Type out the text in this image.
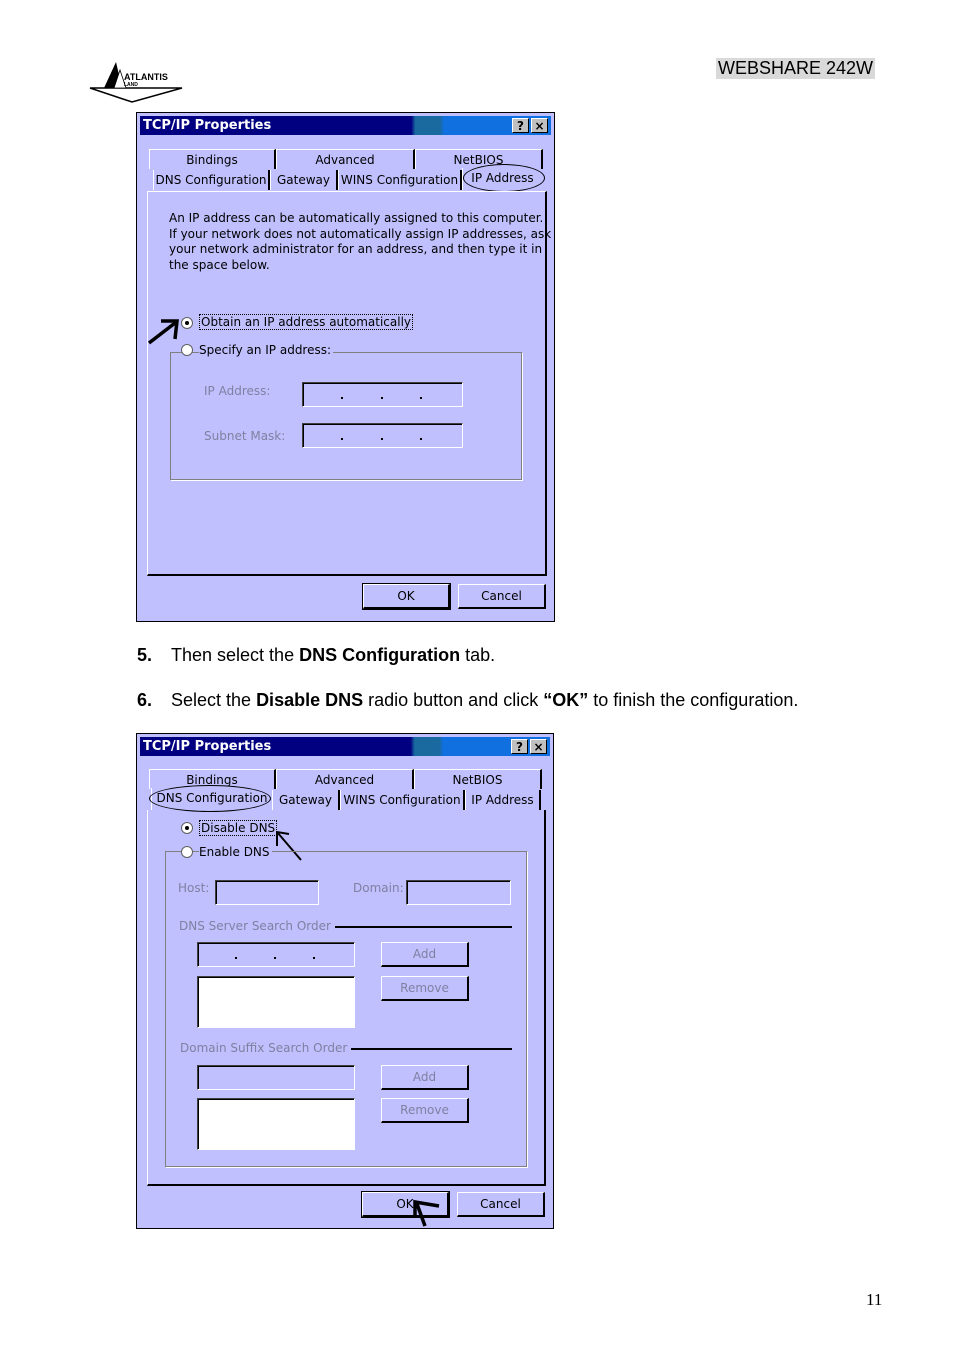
ATLANTIS
LAND
WEBSHARE 242W
TCP/IP Properties	? ×
Bindings	Advanced	NetBIOS
DNS Configuration Gateway WINS Configuration	IP Address
An IP address can be automatically assigned to this computer.
If your network does not automatically assign IP addresses, ask
your network administrator for an address, and then type it in
the space below.
Obtain an IP address automatically
Specify an IP address:
IP Address:
Subnet Mask:
OK	Cancel
5. Then select the DNS Configuration tab.
6. Select the Disable DNS radio button and click “OK” to finish the configuration.
TCP/IP Properties	? ×
Bindings	Advanced	NetBIOS
DNS Configuration Gateway WINS Configuration IP Address
Disable DNS
Enable DNS
Host:	Domain:
DNS Server Search Order
Add
Remove
Domain Suffix Search Order
Add
Remove
OK	Cancel
11
